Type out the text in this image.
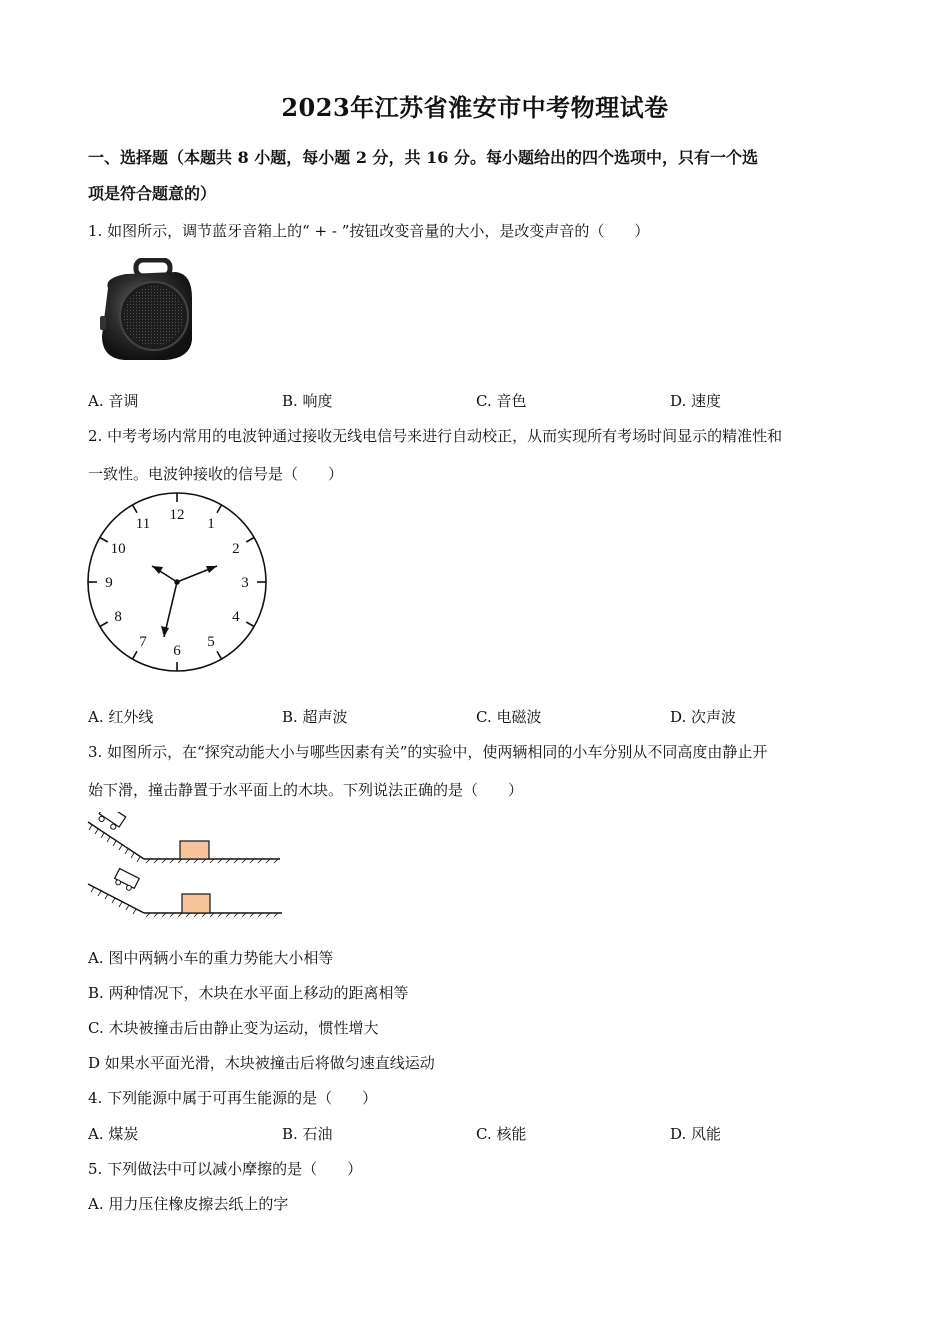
2023年江苏省淮安市中考物理试卷
一、选择题（本题共 8 小题，每小题 2 分，共 16 分。每小题给出的四个选项中，只有一个选
项是符合题意的）
1. 如图所示，调节蓝牙音箱上的“ + - ”按钮改变音量的大小，是改变声音的（　　）
A. 音调	B. 响度	C. 音色	D. 速度
2. 中考考场内常用的电波钟通过接收无线电信号来进行自动校正，从而实现所有考场时间显示的精准性和
一致性。电波钟接收的信号是（　　）
12
1
2
3
4
5
6
7
8
9
10
11
A. 红外线	B. 超声波	C. 电磁波	D. 次声波
3. 如图所示，在“探究动能大小与哪些因素有关”的实验中，使两辆相同的小车分别从不同高度由静止开
始下滑，撞击静置于水平面上的木块。下列说法正确的是（　　）
A. 图中两辆小车的重力势能大小相等
B. 两种情况下，木块在水平面上移动的距离相等
C. 木块被撞击后由静止变为运动，惯性增大
D 如果水平面光滑，木块被撞击后将做匀速直线运动
4. 下列能源中属于可再生能源的是（　　）
A. 煤炭	B. 石油	C. 核能	D. 风能
5. 下列做法中可以减小摩擦的是（　　）
A. 用力压住橡皮擦去纸上的字
